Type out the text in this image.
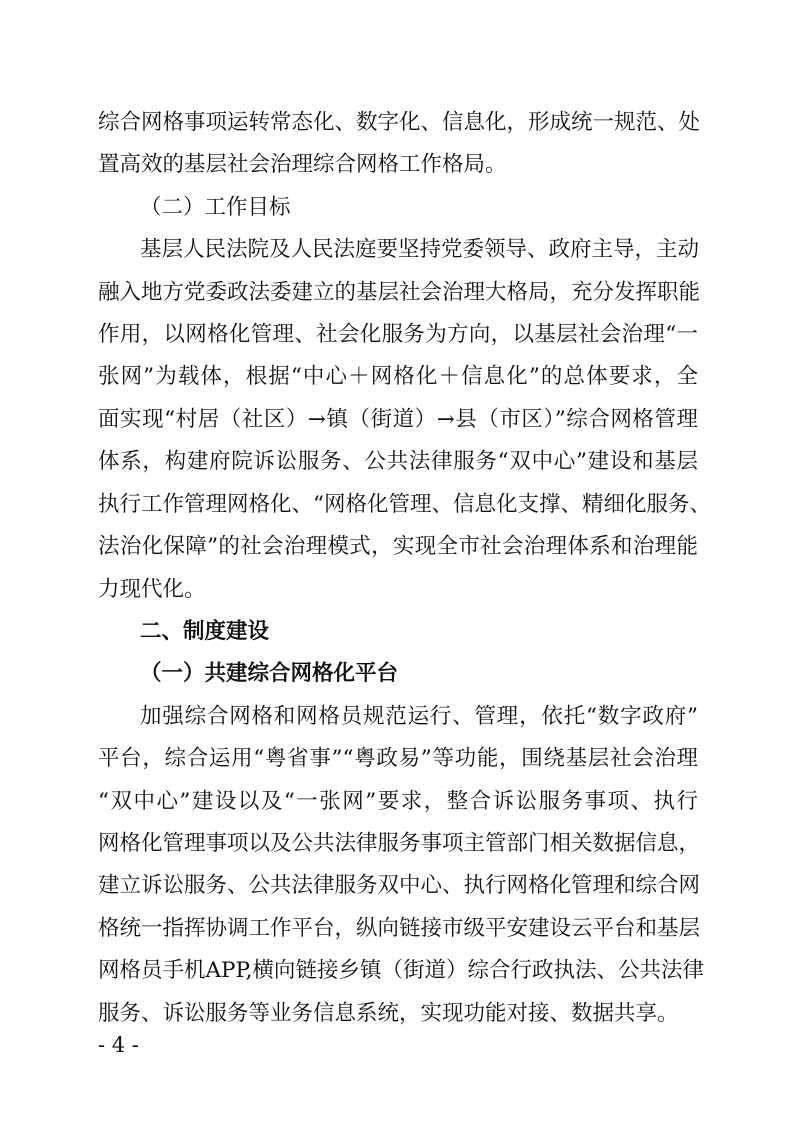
综合网格事项运转常态化、数字化、信息化，形成统一规范、处
置高效的基层社会治理综合网格工作格局。
（二）工作目标
基层人民法院及人民法庭要坚持党委领导、政府主导，主动
融入地方党委政法委建立的基层社会治理大格局，充分发挥职能
作用，以网格化管理、社会化服务为方向，以基层社会治理“一
张网”为载体，根据“中心＋网格化＋信息化”的总体要求，全
面实现“村居（社区）→镇（街道）→县（市区）”综合网格管理
体系，构建府院诉讼服务、公共法律服务“双中心”建设和基层
执行工作管理网格化、“网格化管理、信息化支撑、精细化服务、
法治化保障”的社会治理模式，实现全市社会治理体系和治理能
力现代化。
二、制度建设
（一）共建综合网格化平台
加强综合网格和网格员规范运行、管理，依托“数字政府”
平台，综合运用“粤省事”“粤政易”等功能，围绕基层社会治理
“双中心”建设以及“一张网”要求，整合诉讼服务事项、执行
网格化管理事项以及公共法律服务事项主管部门相关数据信息，
建立诉讼服务、公共法律服务双中心、执行网格化管理和综合网
格统一指挥协调工作平台，纵向链接市级平安建设云平台和基层
网格员手机APP,横向链接乡镇（街道）综合行政执法、公共法律
服务、诉讼服务等业务信息系统，实现功能对接、数据共享。
- 4 -
